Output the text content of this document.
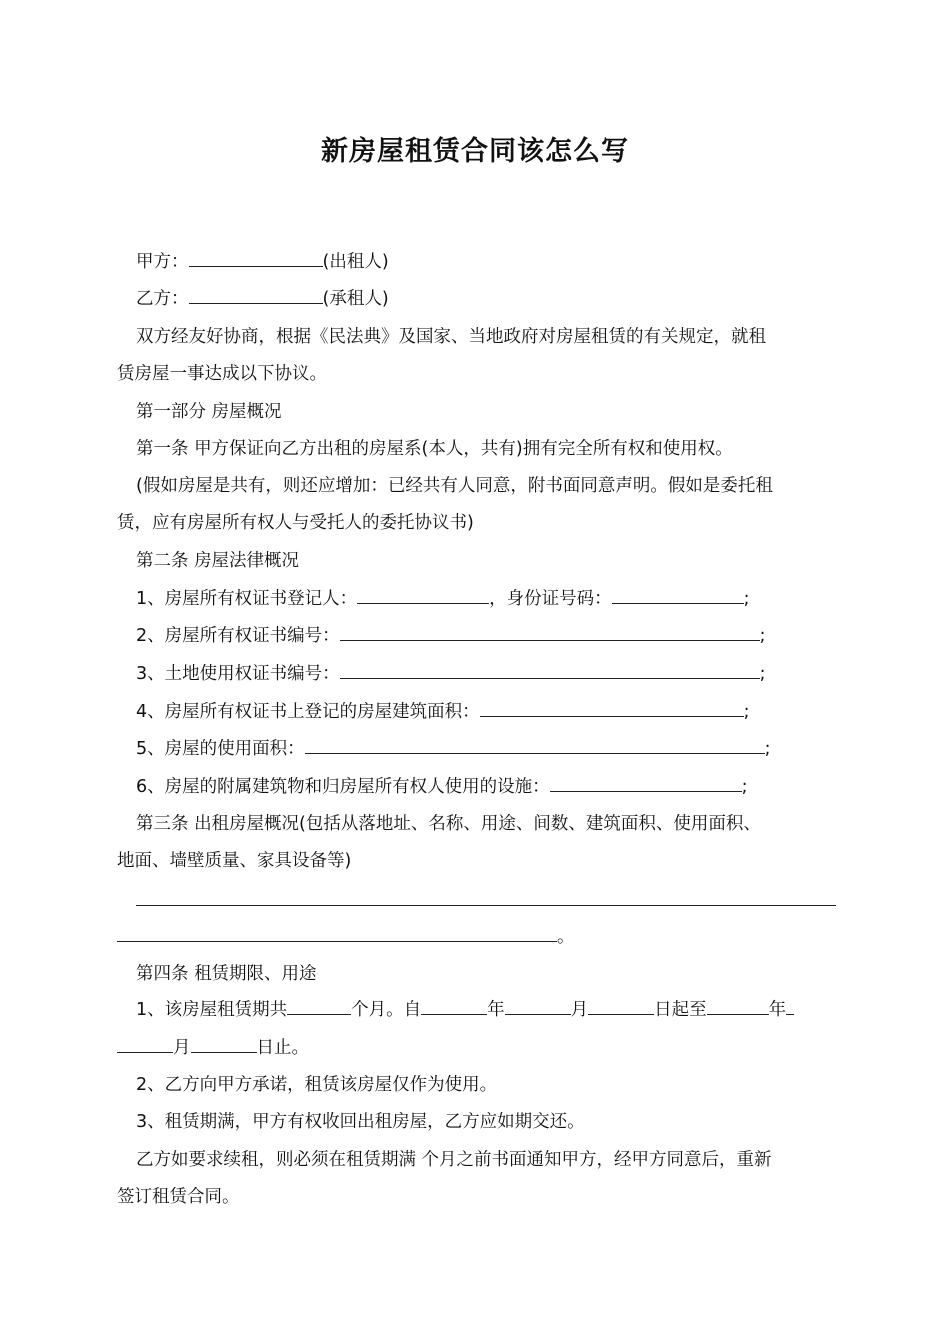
新房屋租赁合同该怎么写
甲方：	(出租人)
乙方：	(承租人)
双方经友好协商，根据《民法典》及国家、当地政府对房屋租赁的有关规定，就租
赁房屋一事达成以下协议。
第一部分 房屋概况
第一条 甲方保证向乙方出租的房屋系(本人，共有)拥有完全所有权和使用权。
(假如房屋是共有，则还应增加：已经共有人同意，附书面同意声明。假如是委托租
赁，应有房屋所有权人与受托人的委托协议书)
第二条 房屋法律概况
1、房屋所有权证书登记人：	，身份证号码：	;
2、房屋所有权证书编号：	;
3、土地使用权证书编号：	;
4、房屋所有权证书上登记的房屋建筑面积：	;
5、房屋的使用面积：	;
6、房屋的附属建筑物和归房屋所有权人使用的设施：	;
第三条 出租房屋概况(包括从落地址、名称、用途、间数、建筑面积、使用面积、
地面、墙壁质量、家具设备等)
。
第四条 租赁期限、用途
1、该房屋租赁期共	个月。自	年	月	日起至	年
月	日止。
2、乙方向甲方承诺，租赁该房屋仅作为使用。
3、租赁期满，甲方有权收回出租房屋，乙方应如期交还。
乙方如要求续租，则必须在租赁期满 个月之前书面通知甲方，经甲方同意后，重新
签订租赁合同。
